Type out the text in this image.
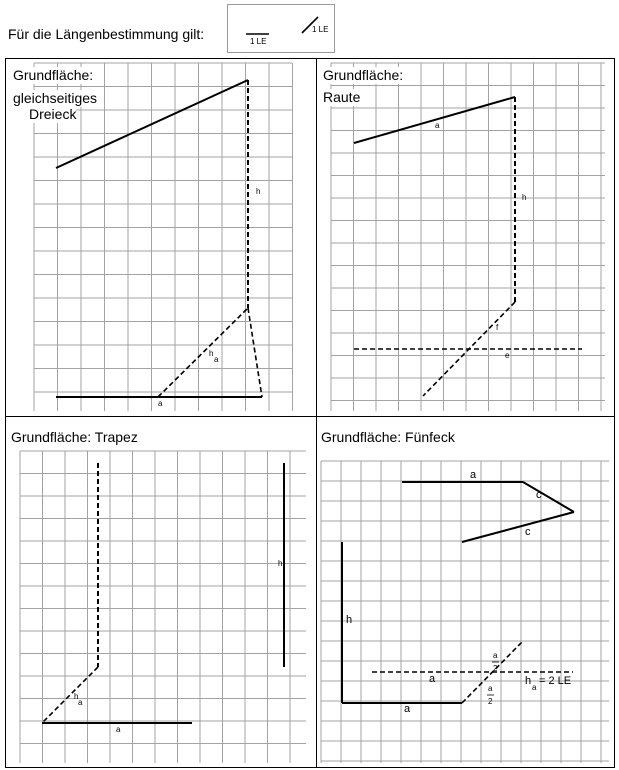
Für die Längenbestimmung gilt:	1 LE
1 LE
Grundfläche:
gleichseitiges
Dreieck
h
h
a
a
Grundfläche:
Raute
a
h
f
e
Grundfläche: Trapez
h
h
a
a
Grundfläche: Fünfeck
a
c
c
h
a
a
a
2
a
2
h
a
= 2 LE
